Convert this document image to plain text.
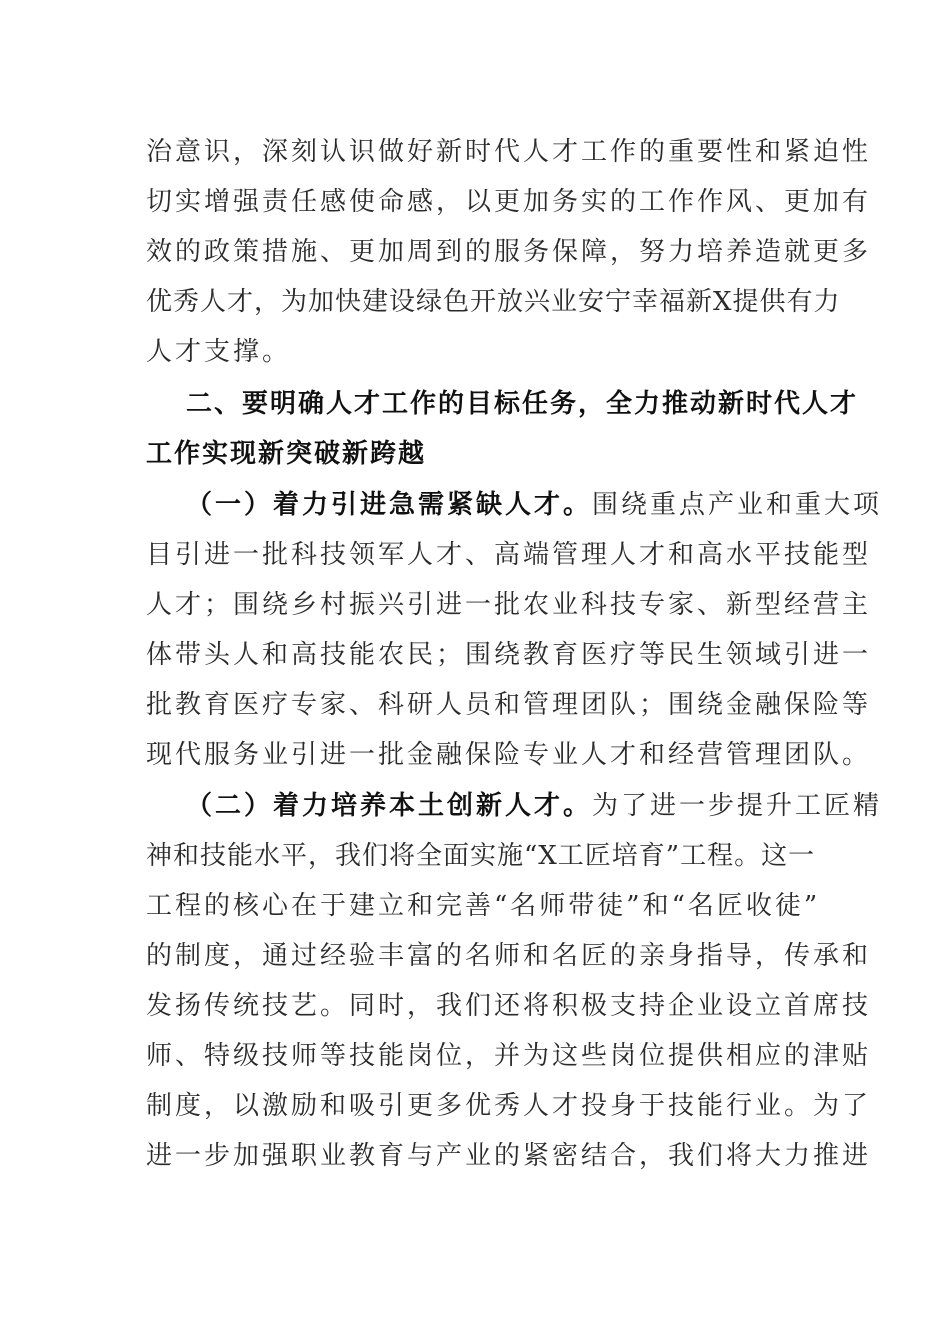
治意识，深刻认识做好新时代人才工作的重要性和紧迫性
切实增强责任感使命感，以更加务实的工作作风、更加有
效的政策措施、更加周到的服务保障，努力培养造就更多
优秀人才，为加快建设绿色开放兴业安宁幸福新X提供有力
人才支撑。
二、要明确人才工作的目标任务，全力推动新时代人才
工作实现新突破新跨越
（一）着力引进急需紧缺人才。围绕重点产业和重大项
目引进一批科技领军人才、高端管理人才和高水平技能型
人才；围绕乡村振兴引进一批农业科技专家、新型经营主
体带头人和高技能农民；围绕教育医疗等民生领域引进一
批教育医疗专家、科研人员和管理团队；围绕金融保险等
现代服务业引进一批金融保险专业人才和经营管理团队。
（二）着力培养本土创新人才。为了进一步提升工匠精
神和技能水平，我们将全面实施“X工匠培育”工程。这一
工程的核心在于建立和完善“名师带徒”和“名匠收徒”
的制度，通过经验丰富的名师和名匠的亲身指导，传承和
发扬传统技艺。同时，我们还将积极支持企业设立首席技
师、特级技师等技能岗位，并为这些岗位提供相应的津贴
制度，以激励和吸引更多优秀人才投身于技能行业。为了
进一步加强职业教育与产业的紧密结合，我们将大力推进
